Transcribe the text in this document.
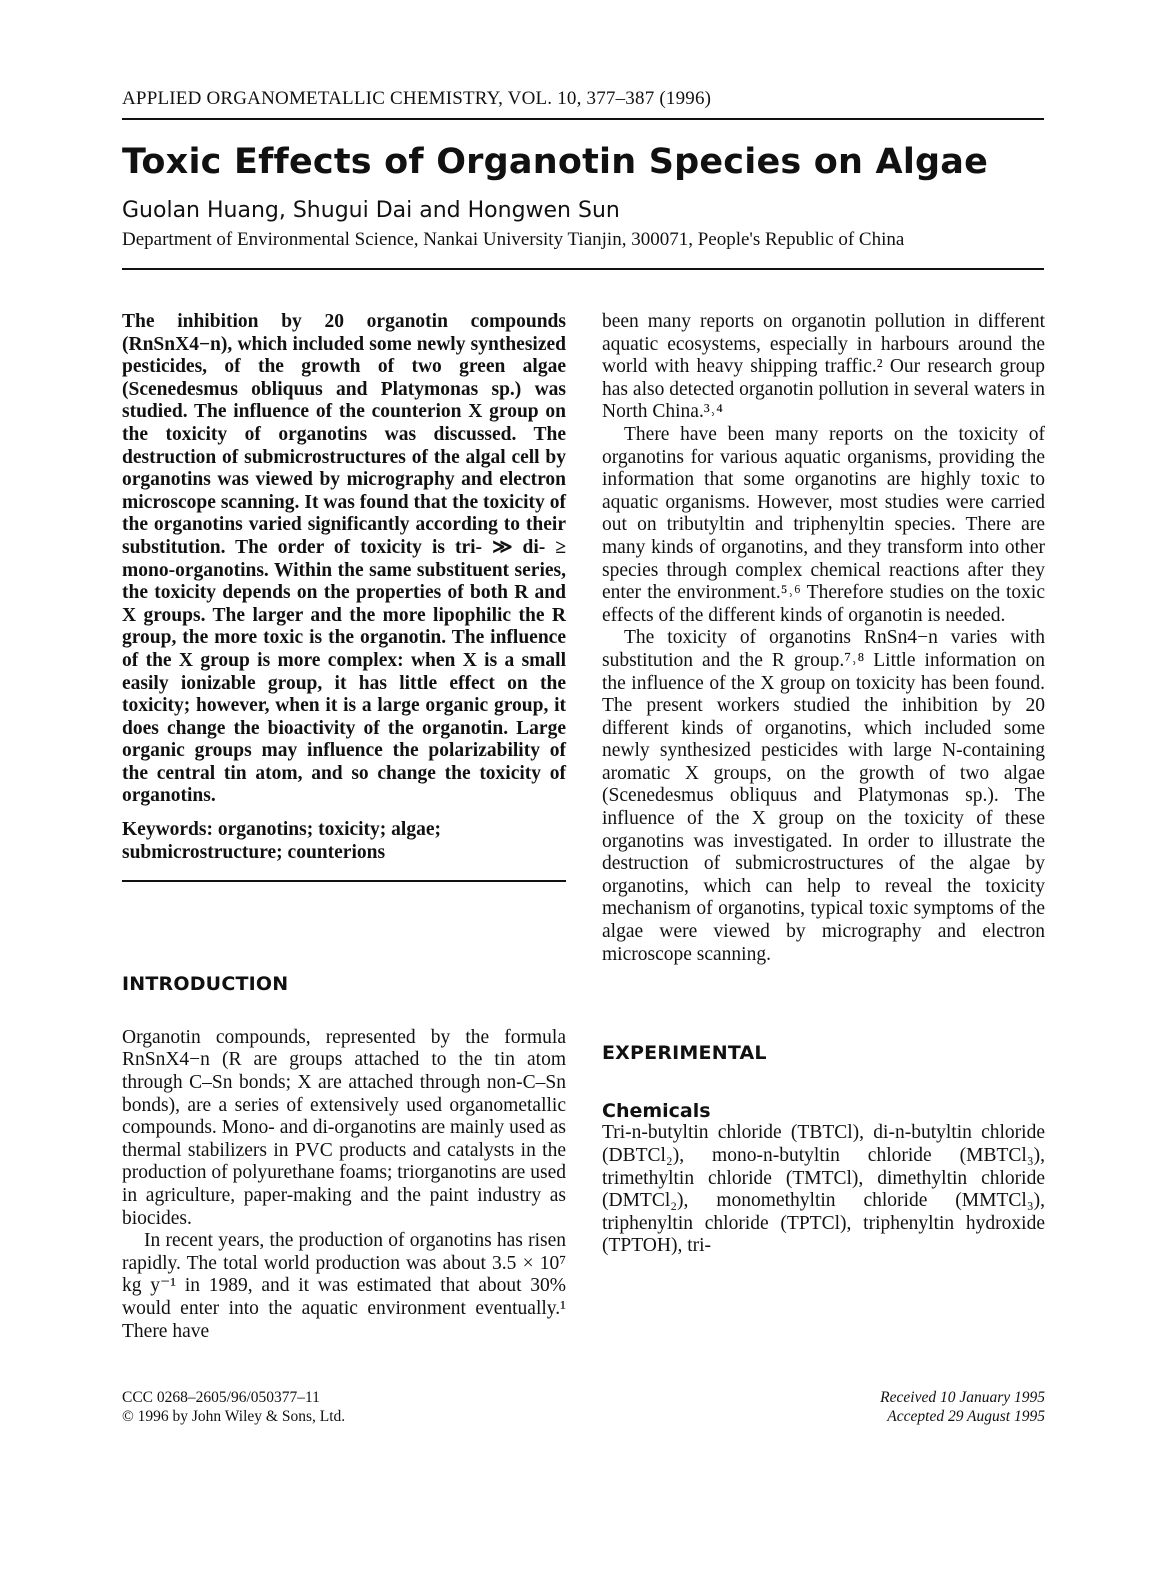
APPLIED ORGANOMETALLIC CHEMISTRY, VOL. 10, 377–387 (1996)
Toxic Effects of Organotin Species on Algae
Guolan Huang, Shugui Dai and Hongwen Sun
Department of Environmental Science, Nankai University Tianjin, 300071, People's Republic of China

The inhibition by 20 organotin compounds (RnSnX4−n), which included some newly synthesized pesticides, of the growth of two green algae (Scenedesmus obliquus and Platymonas sp.) was studied. The influence of the counterion X group on the toxicity of organotins was discussed. The destruction of submicrostructures of the algal cell by organotins was viewed by micrography and electron microscope scanning. It was found that the toxicity of the organotins varied significantly according to their substitution. The order of toxicity is tri- ≫ di- ≥ mono-organotins. Within the same substituent series, the toxicity depends on the properties of both R and X groups. The larger and the more lipophilic the R group, the more toxic is the organotin. The influence of the X group is more complex: when X is a small easily ionizable group, it has little effect on the toxicity; however, when it is a large organic group, it does change the bioactivity of the organotin. Large organic groups may influence the polarizability of the central tin atom, and so change the toxicity of organotins.

Keywords: organotins; toxicity; algae; submicrostructure; counterions

INTRODUCTION

Organotin compounds, represented by the formula RnSnX4−n (R are groups attached to the tin atom through C–Sn bonds; X are attached through non-C–Sn bonds), are a series of extensively used organometallic compounds. Mono- and di-organotins are mainly used as thermal stabilizers in PVC products and catalysts in the production of polyurethane foams; triorganotins are used in agriculture, paper-making and the paint industry as biocides.

In recent years, the production of organotins has risen rapidly. The total world production was about 3.5 × 10⁷ kg y⁻¹ in 1989, and it was estimated that about 30% would enter into the aquatic environment eventually.¹ There have

been many reports on organotin pollution in different aquatic ecosystems, especially in harbours around the world with heavy shipping traffic.² Our research group has also detected organotin pollution in several waters in North China.³˒⁴

There have been many reports on the toxicity of organotins for various aquatic organisms, providing the information that some organotins are highly toxic to aquatic organisms. However, most studies were carried out on tributyltin and triphenyltin species. There are many kinds of organotins, and they transform into other species through complex chemical reactions after they enter the environment.⁵˒⁶ Therefore studies on the toxic effects of the different kinds of organotin is needed.

The toxicity of organotins RnSn4−n varies with substitution and the R group.⁷˒⁸ Little information on the influence of the X group on toxicity has been found. The present workers studied the inhibition by 20 different kinds of organotins, which included some newly synthesized pesticides with large N-containing aromatic X groups, on the growth of two algae (Scenedesmus obliquus and Platymonas sp.). The influence of the X group on the toxicity of these organotins was investigated. In order to illustrate the destruction of submicrostructures of the algae by organotins, which can help to reveal the toxicity mechanism of organotins, typical toxic symptoms of the algae were viewed by micrography and electron microscope scanning.

EXPERIMENTAL
Chemicals

Tri-n-butyltin chloride (TBTCl), di-n-butyltin chloride (DBTCl₂), mono-n-butyltin chloride (MBTCl₃), trimethyltin chloride (TMTCl), dimethyltin chloride (DMTCl₂), monomethyltin chloride (MMTCl₃), triphenyltin chloride (TPTCl), triphenyltin hydroxide (TPTOH), tri-

CCC 0268–2605/96/050377–11
© 1996 by John Wiley & Sons, Ltd.
Received 10 January 1995
Accepted 29 August 1995
